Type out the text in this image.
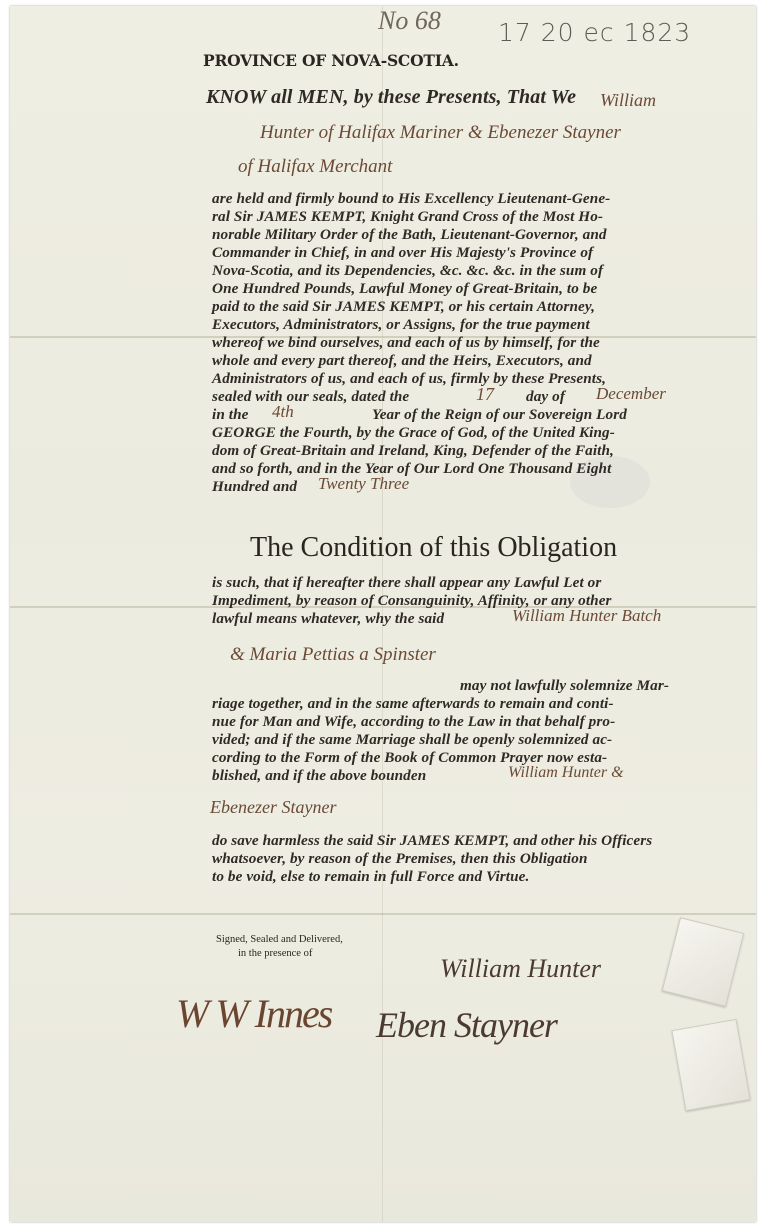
No 68 17 20 ec 1823
PROVINCE OF NOVA-SCOTIA.
KNOW all MEN, by these Presents, That We William
Hunter of Halifax Mariner & Ebenezer Stayner
of Halifax Merchant
are held and firmly bound to His Excellency Lieutenant-Gene-
ral Sir JAMES KEMPT, Knight Grand Cross of the Most Ho-
norable Military Order of the Bath, Lieutenant-Governor, and
Commander in Chief, in and over His Majesty's Province of
Nova-Scotia, and its Dependencies, &c. &c. &c. in the sum of
One Hundred Pounds, Lawful Money of Great-Britain, to be
paid to the said Sir JAMES KEMPT, or his certain Attorney,
Executors, Administrators, or Assigns, for the true payment
whereof we bind ourselves, and each of us by himself, for the
whole and every part thereof, and the Heirs, Executors, and
Administrators of us, and each of us, firmly by these Presents,
sealed with our seals, dated the	17 day of December
in the 4th	Year of the Reign of our Sovereign Lord
GEORGE the Fourth, by the Grace of God, of the United King-
dom of Great-Britain and Ireland, King, Defender of the Faith,
and so forth, and in the Year of Our Lord One Thousand Eight
Hundred and Twenty Three
The Condition of this Obligation
is such, that if hereafter there shall appear any Lawful Let or
Impediment, by reason of Consanguinity, Affinity, or any other
lawful means whatever, why the said	William Hunter Batch
& Maria Pettias a Spinster
may not lawfully solemnize Mar-
riage together, and in the same afterwards to remain and conti-
nue for Man and Wife, according to the Law in that behalf pro-
vided; and if the same Marriage shall be openly solemnized ac-
cording to the Form of the Book of Common Prayer now esta-
blished, and if the above bounden	William Hunter &
Ebenezer Stayner
do save harmless the said Sir JAMES KEMPT, and other his Officers
whatsoever, by reason of the Premises, then this Obligation
to be void, else to remain in full Force and Virtue.
Signed, Sealed and Delivered,
in the presence of
W W Innes
William Hunter
Eben Stayner
